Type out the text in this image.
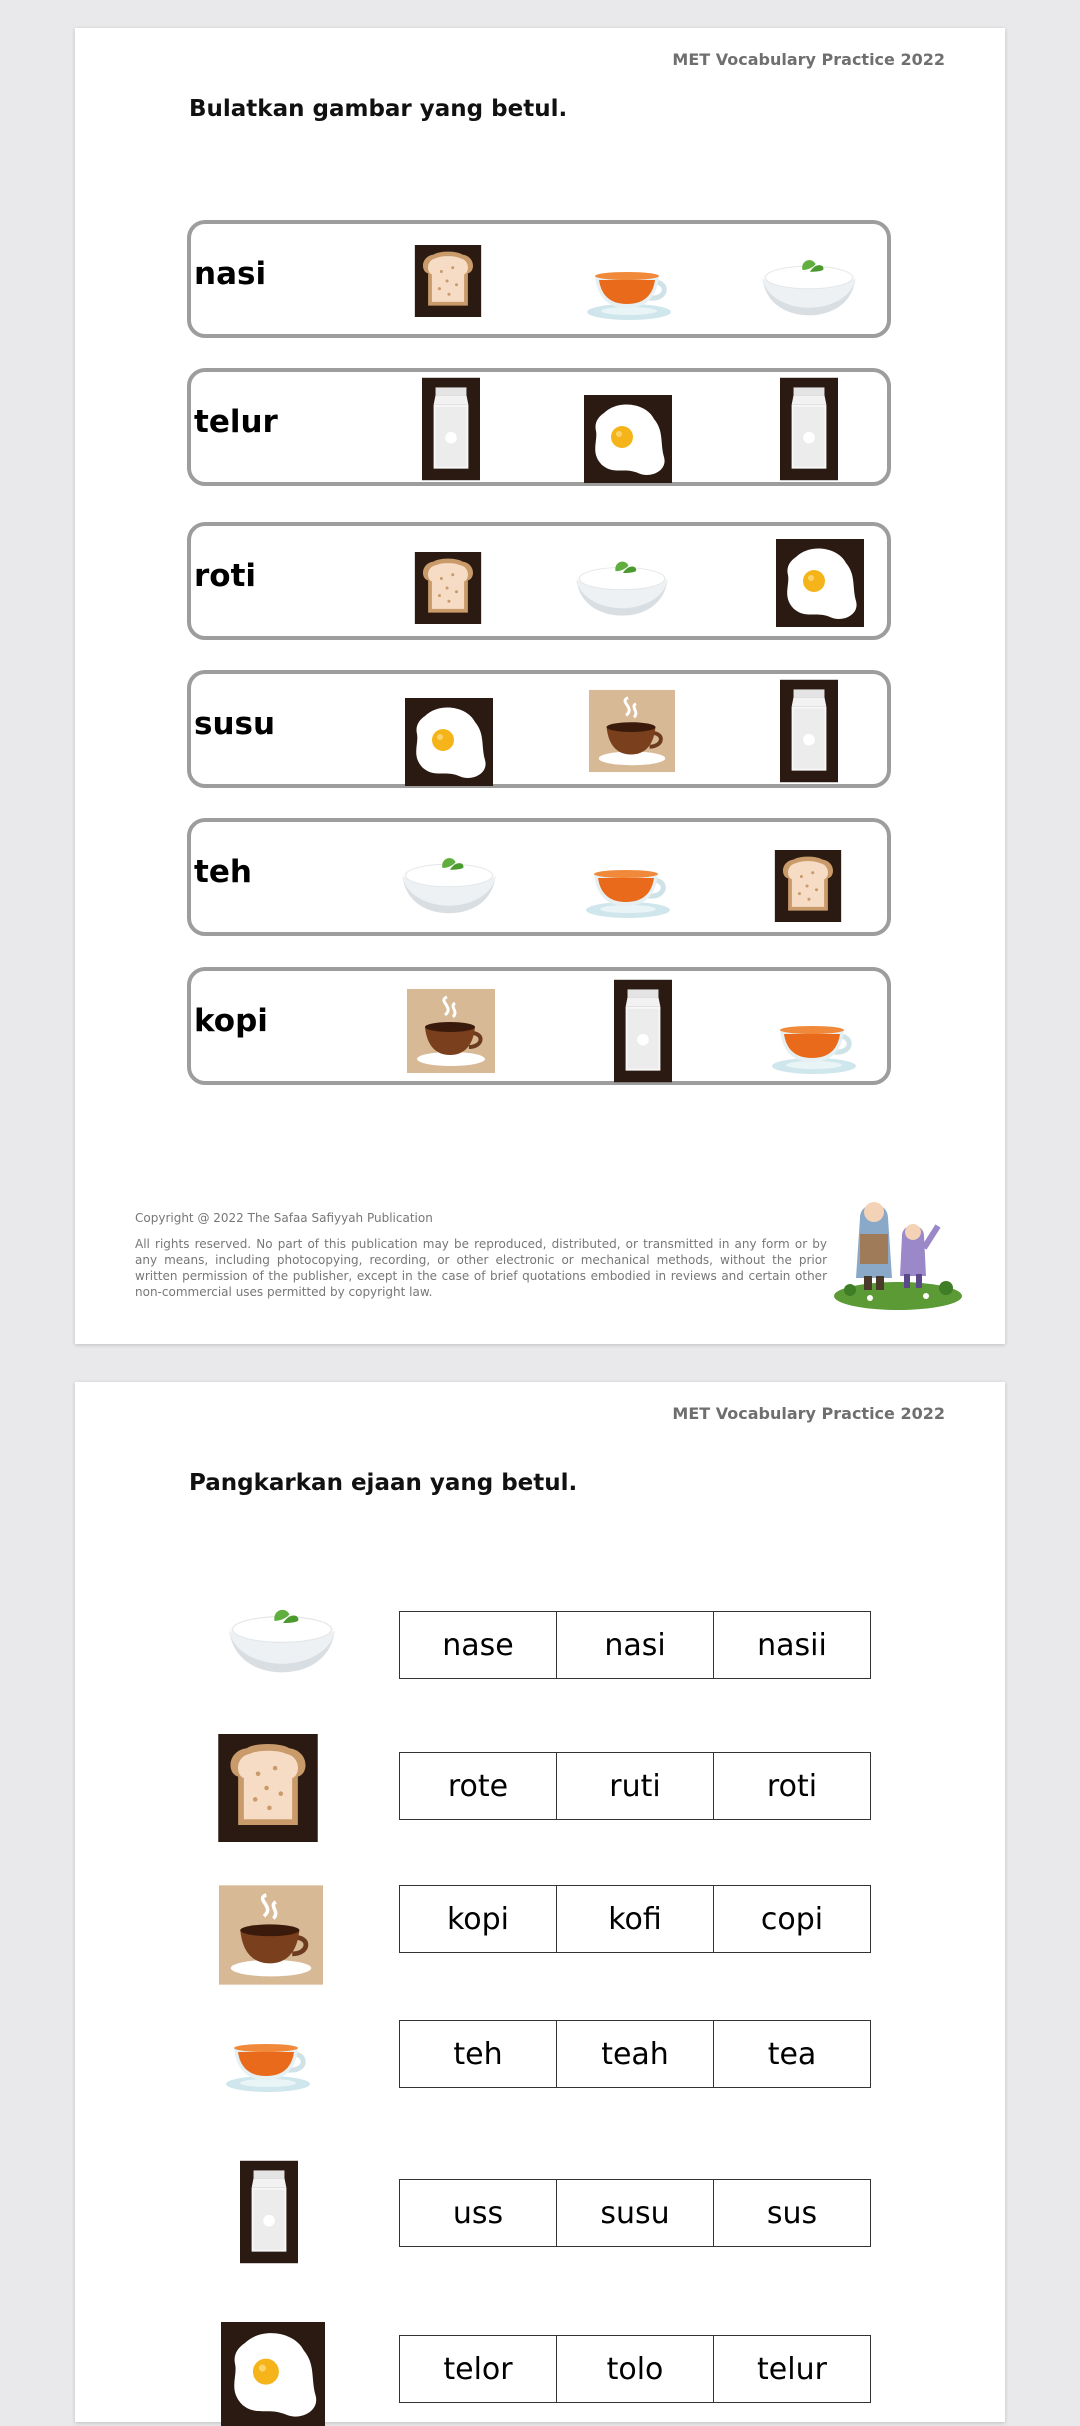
MET Vocabulary Practice 2022
Bulatkan gambar yang betul.
nasi
telur
roti
susu
teh
kopi
Copyright @ 2022 The Safaa Safiyyah Publication
All rights reserved. No part of this publication may be reproduced, distributed, or transmitted in any form or by any means, including photocopying, recording, or other electronic or mechanical methods, without the prior written permission of the publisher, except in the case of brief quotations embodied in reviews and certain other non-commercial uses permitted by copyright law.
MET Vocabulary Practice 2022
Pangkarkan ejaan yang betul.
nase	nasi	nasii
rote	ruti	roti
kopi	kofi	copi
teh	teah	tea
uss	susu	sus
telor	tolo	telur
